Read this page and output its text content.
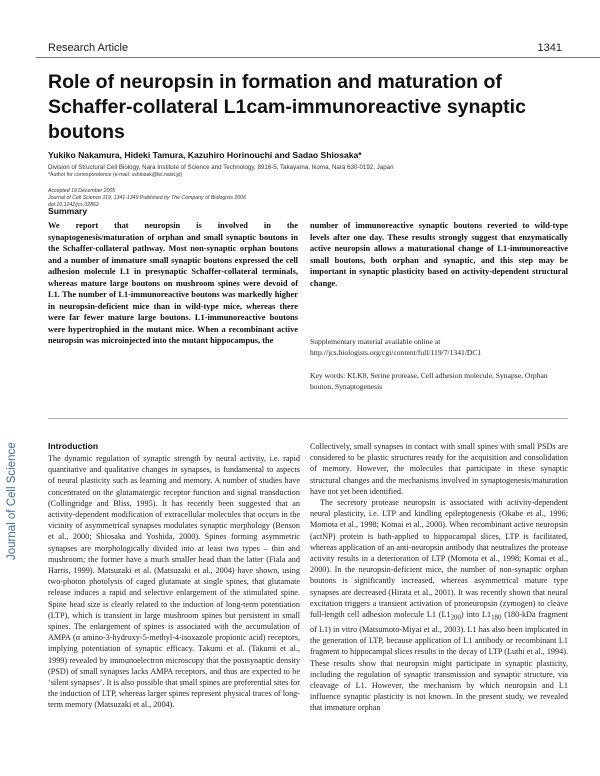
Journal of Cell Science
Research Article	1341
Role of neuropsin in formation and maturation of Schaffer-collateral L1cam-immunoreactive synaptic boutons
Yukiko Nakamura, Hideki Tamura, Kazuhiro Horinouchi and Sadao Shiosaka*
Division of Structural Cell Biology, Nara Institute of Science and Technology, 8916-5, Takayama, Ikoma, Nara 630-0192, Japan
*Author for correspondence (e-mail: sshiosak@bs.naist.jp)
Accepted 19 December 2005
Journal of Cell Science 119, 1341-1349 Published by The Company of Biologists 2006
doi:10.1242/jcs.02862
Summary
We report that neuropsin is involved in the synaptogenesis/maturation of orphan and small synaptic boutons in the Schaffer-collateral pathway. Most non-synaptic orphan boutons and a number of immature small synaptic boutons expressed the cell adhesion molecule L1 in presynaptic Schaffer-collateral terminals, whereas mature large boutons on mushroom spines were devoid of L1. The number of L1-immunoreactive boutons was markedly higher in neuropsin-deficient mice than in wild-type mice, whereas there were far fewer mature large boutons. L1-immunoreactive boutons were hypertrophied in the mutant mice. When a recombinant active neuropsin was microinjected into the mutant hippocampus, the
number of immunoreactive synaptic boutons reverted to wild-type levels after one day. These results strongly suggest that enzymatically active neuropsin allows a maturational change of L1-immunoreactive small boutons, both orphan and synaptic, and this step may be important in synaptic plasticity based on activity-dependent structural change.
Supplementary material available online at
http://jcs.biologists.org/cgi/content/full/119/7/1341/DC1
Key words: KLK8, Serine protease, Cell adhesion molecule, Synapse, Orphan bouton, Synaptogenesis
Introduction

The dynamic regulation of synaptic strength by neural activity, i.e. rapid quantitative and qualitative changes in synapses, is fundamental to aspects of neural plasticity such as learning and memory. A number of studies have concentrated on the glutamatergic receptor function and signal transduction (Collingridge and Bliss, 1995). It has recently been suggested that an activity-dependent modification of extracellular molecules that occurs in the vicinity of asymmetrical synapses modulates synaptic morphology (Benson et al., 2000; Shiosaka and Yoshida, 2000). Spines forming asymmetric synapses are morphologically divided into at least two types – thin and mushroom; the former have a much smaller head than the latter (Fiala and Harris, 1999). Matsuzaki et al. (Matsuzaki et al., 2004) have shown, using two-photon photolysis of caged glutamate at single spines, that glutamate release induces a rapid and selective enlargement of the stimulated spine. Spine head size is clearly related to the induction of long-term potentiation (LTP), which is transient in large mushroom spines but persistent in small spines. The enlargement of spines is associated with the accumulation of AMPA (α amino-3-hydroxy-5-methyl-4-isoxazole propionic acid) receptors, implying potentiation of synaptic efficacy. Takumi et al. (Takumi et al., 1999) revealed by immunoelectron microscopy that the postsynaptic density (PSD) of small synapses lacks AMPA receptors, and thus are expected to be ‘silent synapses’. It is also possible that small spines are preferential sites for the induction of LTP, whereas larger spines represent physical traces of long-term memory (Matsuzaki et al., 2004).

Collectively, small synapses in contact with small spines with small PSDs are considered to be plastic structures ready for the acquisition and consolidation of memory. However, the molecules that participate in these synaptic structural changes and the mechanisms involved in synaptogenesis/maturation have not yet been identified.

The secretory protease neuropsin is associated with activity-dependent neural plasticity, i.e. LTP and kindling epileptogenesis (Okabe et al., 1996; Momota et al., 1998; Komai et al., 2000). When recombinant active neuropsin (actNP) protein is bath-applied to hippocampal slices, LTP is facilitated, whereas application of an anti-neuropsin antibody that neutralizes the protease activity results in a deterioration of LTP (Momota et al., 1998; Komai et al., 2000). In the neuropsin-deficient mice, the number of non-synaptic orphan boutons is significantly increased, whereas asymmetrical mature type synapses are decreased (Hirata et al., 2001). It was recently shown that neural excitation triggers a transient activation of proneuropsin (zymogen) to cleave full-length cell adhesion molecule L1 $(L1_{200})$ into $L1_{180}$ (180-kDa fragment of L1) in vitro (Matsumoto-Miyai et al., 2003). L1 has also been implicated in the generation of LTP, because application of L1 antibody or recombinant L1 fragment to hippocampal slices results in the decay of LTP (Luthi et al., 1994). These results show that neuropsin might participate in synaptic plasticity, including the regulation of synaptic transmission and synaptic structure, via cleavage of L1. However, the mechanism by which neuropsin and L1 influence synaptic plasticity is not known. In the present study, we revealed that immature orphan
